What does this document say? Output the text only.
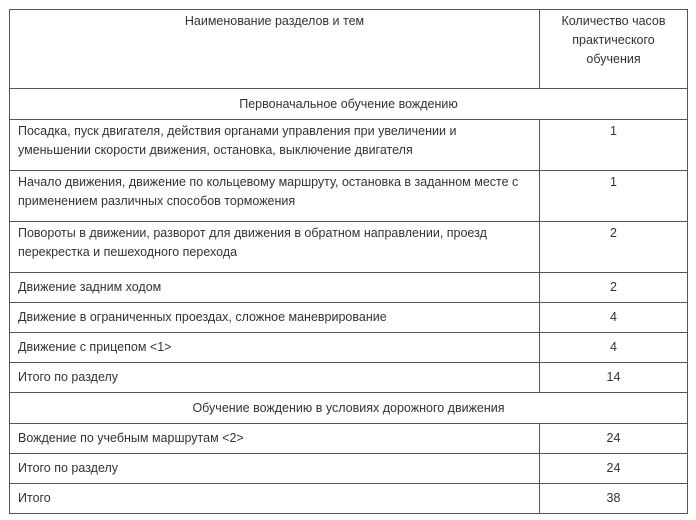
Наименование разделов и тем	Количество часов практического обучения
Первоначальное обучение вождению	
Посадка, пуск двигателя, действия органами управления при увеличении и уменьшении скорости движения, остановка, выключение двигателя	1
Начало движения, движение по кольцевому маршруту, остановка в заданном месте с применением различных способов торможения	1
Повороты в движении, разворот для движения в обратном направлении, проезд перекрестка и пешеходного перехода	2
Движение задним ходом	2
Движение в ограниченных проездах, сложное маневрирование	4
Движение с прицепом <1>	4
Итого по разделу	14
Обучение вождению в условиях дорожного движения	
Вождение по учебным маршрутам <2>	24
Итого по разделу	24
Итого	38
